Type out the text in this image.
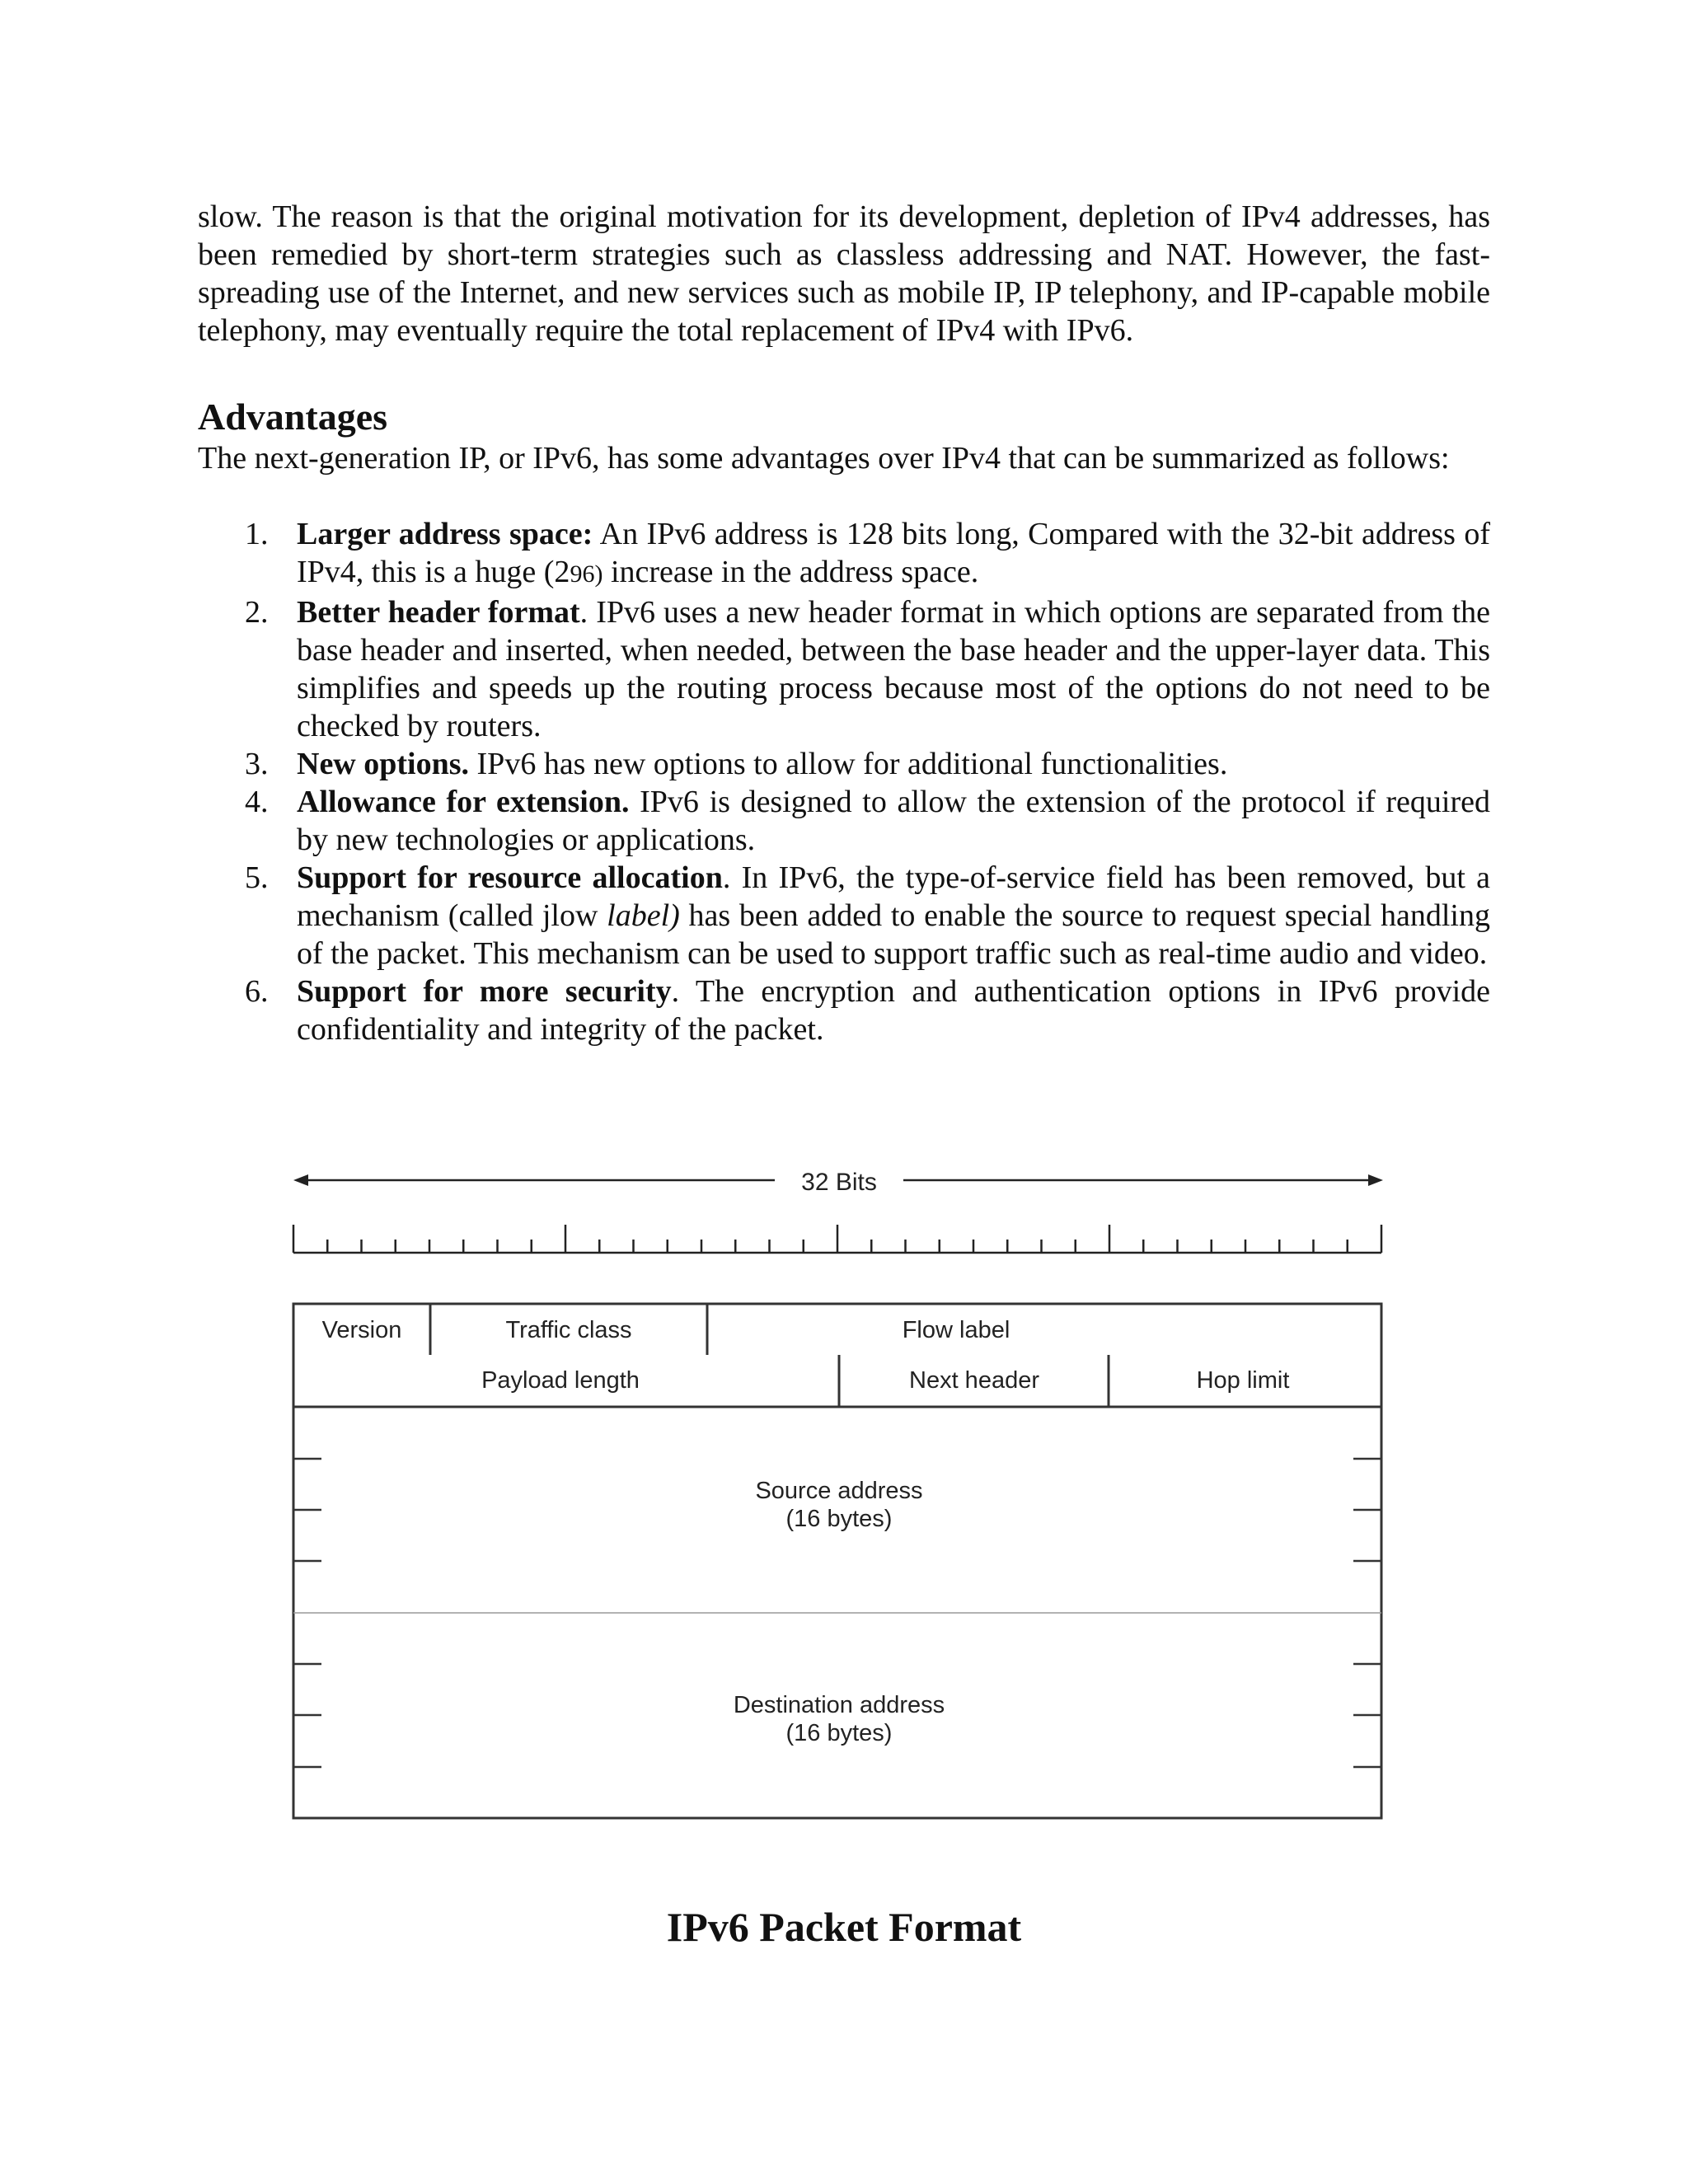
slow. The reason is that the original motivation for its development, depletion of IPv4 addresses, has been remedied by short-term strategies such as classless addressing and NAT. However, the fast-spreading use of the Internet, and new services such as mobile IP, IP telephony, and IP-capable mobile telephony, may eventually require the total replacement of IPv4 with IPv6.

Advantages

The next-generation IP, or IPv6, has some advantages over IPv4 that can be summarized as follows:

1. Larger address space: An IPv6 address is 128 bits long, Compared with the 32-bit address of IPv4, this is a huge (296) increase in the address space.
2. Better header format. IPv6 uses a new header format in which options are separated from the base header and inserted, when needed, between the base header and the upper-layer data. This simplifies and speeds up the routing process because most of the options do not need to be checked by routers.
3. New options. IPv6 has new options to allow for additional functionalities.
4. Allowance for extension. IPv6 is designed to allow the extension of the protocol if required by new technologies or applications.
5. Support for resource allocation. In IPv6, the type-of-service field has been removed, but a mechanism (called jlow label) has been added to enable the source to request special handling of the packet. This mechanism can be used to support traffic such as real-time audio and video.
6. Support for more security. The encryption and authentication options in IPv6 provide confidentiality and integrity of the packet.
32 Bits
Version	Traffic class	Flow label
Payload length	Next header	Hop limit
Source address
(16 bytes)
Destination address
(16 bytes)

IPv6 Packet Format
